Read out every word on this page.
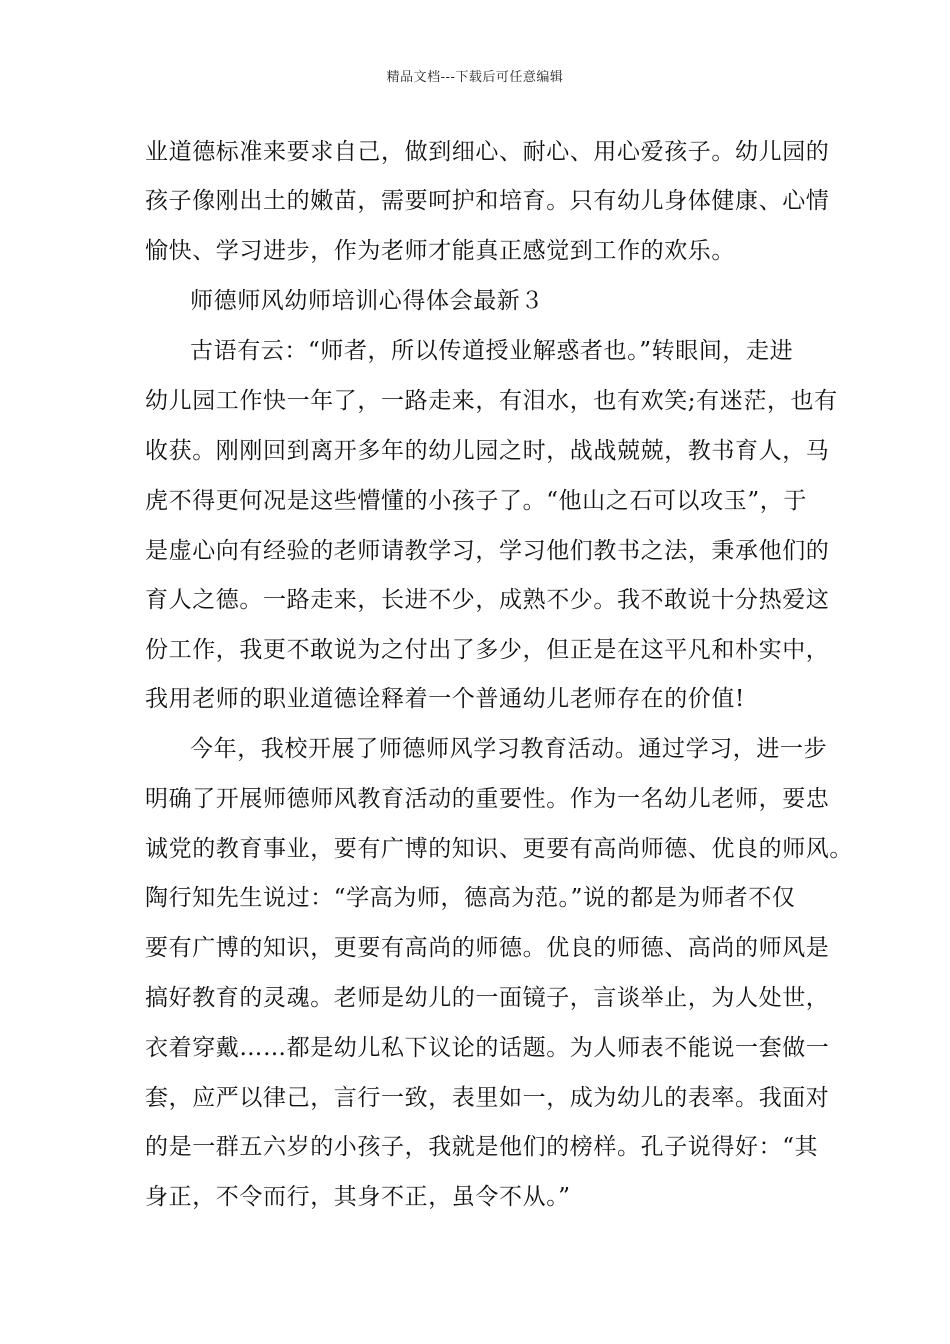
精品文档---下载后可任意编辑
业道德标准来要求自己，做到细心、耐心、用心爱孩子。幼儿园的
孩子像刚出土的嫩苗，需要呵护和培育。只有幼儿身体健康、心情
愉快、学习进步，作为老师才能真正感觉到工作的欢乐。
师德师风幼师培训心得体会最新３
古语有云：“师者，所以传道授业解惑者也。”转眼间，走进
幼儿园工作快一年了，一路走来，有泪水，也有欢笑;有迷茫，也有
收获。刚刚回到离开多年的幼儿园之时，战战兢兢，教书育人，马
虎不得更何况是这些懵懂的小孩子了。“他山之石可以攻玉”，于
是虚心向有经验的老师请教学习，学习他们教书之法，秉承他们的
育人之德。一路走来，长进不少，成熟不少。我不敢说十分热爱这
份工作，我更不敢说为之付出了多少，但正是在这平凡和朴实中，
我用老师的职业道德诠释着一个普通幼儿老师存在的价值!
今年，我校开展了师德师风学习教育活动。通过学习，进一步
明确了开展师德师风教育活动的重要性。作为一名幼儿老师，要忠
诚党的教育事业，要有广博的知识、更要有高尚师德、优良的师风。
陶行知先生说过：“学高为师，德高为范。”说的都是为师者不仅
要有广博的知识，更要有高尚的师德。优良的师德、高尚的师风是
搞好教育的灵魂。老师是幼儿的一面镜子，言谈举止，为人处世，
衣着穿戴……都是幼儿私下议论的话题。为人师表不能说一套做一
套，应严以律己，言行一致，表里如一，成为幼儿的表率。我面对
的是一群五六岁的小孩子，我就是他们的榜样。孔子说得好：“其
身正，不令而行，其身不正，虽令不从。”
